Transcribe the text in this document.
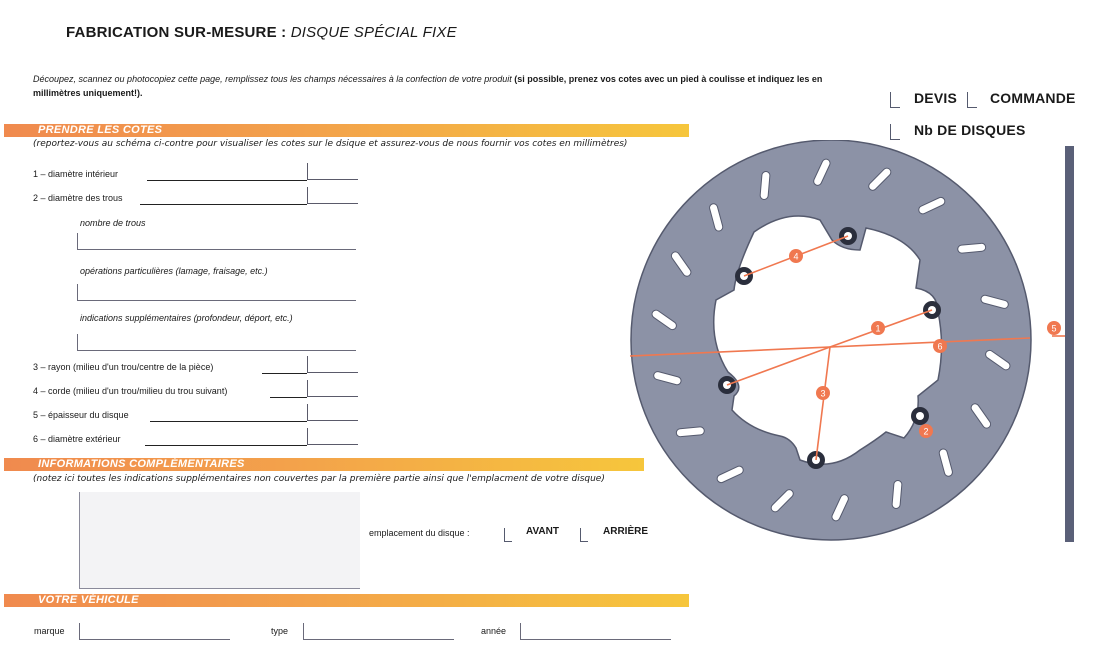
FABRICATION SUR-MESURE : DISQUE SPÉCIAL FIXE
Découpez, scannez ou photocopiez cette page, remplissez tous les champs nécessaires à la confection de votre produit (si possible, prenez vos cotes avec un pied à coulisse et indiquez les en millimètres uniquement!).	DEVIS COMMANDE
Nb DE DISQUES
PRENDRE LES COTES
(reportez-vous au schéma ci-contre pour visualiser les cotes sur le dsique et assurez-vous de nous fournir vos cotes en millimètres)
1 – diamètre intérieur
2 – diamètre des trous
nombre de trous
opérations particulières (lamage, fraisage, etc.)
indications supplémentaires (profondeur, déport, etc.)
3 – rayon (milieu d'un trou/centre de la pièce)
4 – corde (milieu d'un trou/milieu du trou suivant)
5 – épaisseur du disque
6 – diamètre extérieur
INFORMATIONS COMPLÉMENTAIRES
(notez ici toutes les indications supplémentaires non couvertes par la première partie ainsi que l'emplacment de votre disque)
emplacement du disque :	AVANT	ARRIÈRE
VOTRE VÉHICULE
marque	type	année
1
2
3
4
5
6
